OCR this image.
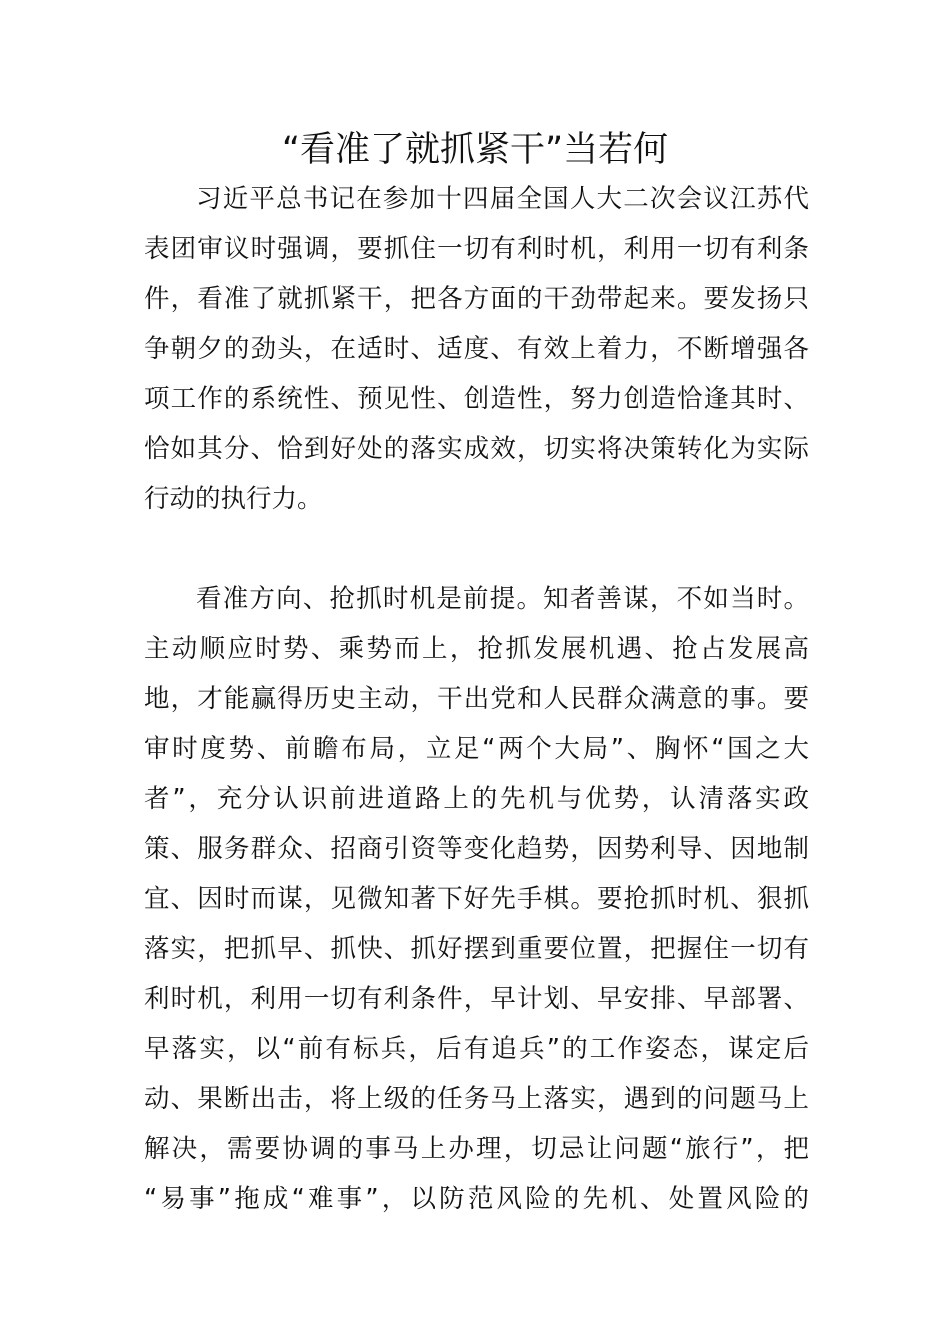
“看准了就抓紧干”当若何
习近平总书记在参加十四届全国人大二次会议江苏代
表团审议时强调，要抓住一切有利时机，利用一切有利条
件，看准了就抓紧干，把各方面的干劲带起来。要发扬只
争朝夕的劲头，在适时、适度、有效上着力，不断增强各
项工作的系统性、预见性、创造性，努力创造恰逢其时、
恰如其分、恰到好处的落实成效，切实将决策转化为实际
行动的执行力。
看准方向、抢抓时机是前提。知者善谋，不如当时。
主动顺应时势、乘势而上，抢抓发展机遇、抢占发展高
地，才能赢得历史主动，干出党和人民群众满意的事。要
审时度势、前瞻布局，立足“两个大局”、胸怀“国之大
者”，充分认识前进道路上的先机与优势，认清落实政
策、服务群众、招商引资等变化趋势，因势利导、因地制
宜、因时而谋，见微知著下好先手棋。要抢抓时机、狠抓
落实，把抓早、抓快、抓好摆到重要位置，把握住一切有
利时机，利用一切有利条件，早计划、早安排、早部署、
早落实，以“前有标兵，后有追兵”的工作姿态，谋定后
动、果断出击，将上级的任务马上落实，遇到的问题马上
解决，需要协调的事马上办理，切忌让问题“旅行”，把
“易事”拖成“难事”，以防范风险的先机、处置风险的
